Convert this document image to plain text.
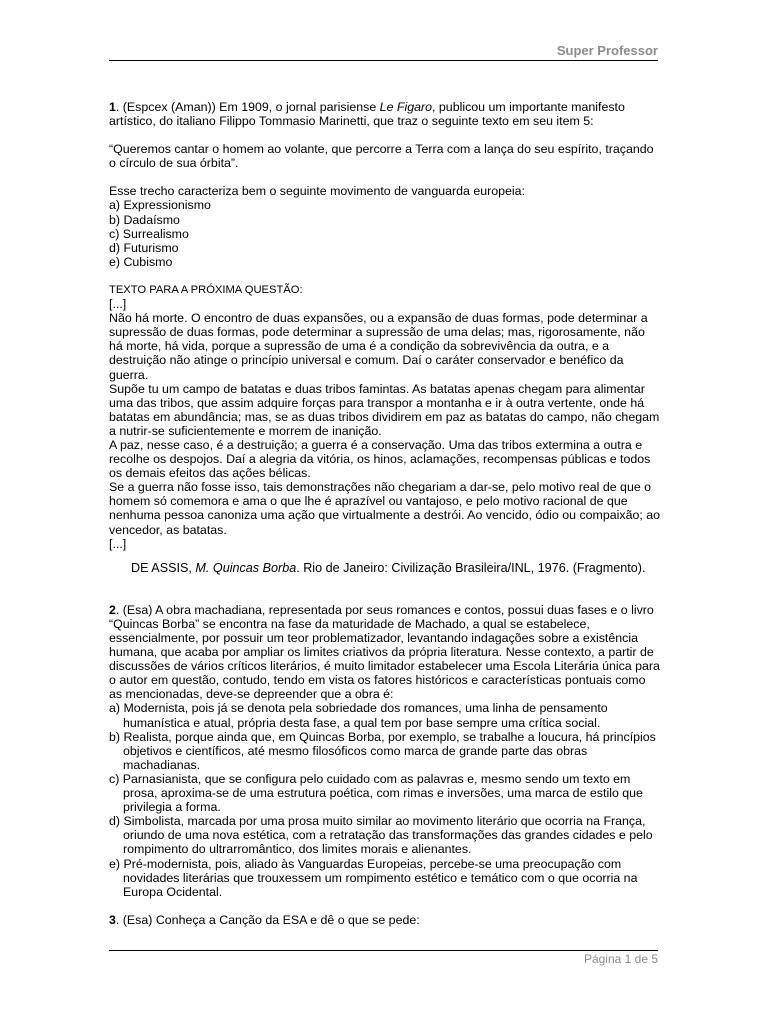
Super Professor

1. (Espcex (Aman)) Em 1909, o jornal parisiense Le Figaro, publicou um importante manifesto artístico, do italiano Filippo Tommasio Marinetti, que traz o seguinte texto em seu item 5:

“Queremos cantar o homem ao volante, que percorre a Terra com a lança do seu espírito, traçando o círculo de sua órbita”.

Esse trecho caracteriza bem o seguinte movimento de vanguarda europeia:

a) Expressionismo

b) Dadaísmo

c) Surrealismo

d) Futurismo

e) Cubismo

TEXTO PARA A PRÓXIMA QUESTÃO:

[...]

Não há morte. O encontro de duas expansões, ou a expansão de duas formas, pode determinar a supressão de duas formas, pode determinar a supressão de uma delas; mas, rigorosamente, não há morte, há vida, porque a supressão de uma é a condição da sobrevivência da outra, e a destruição não atinge o princípio universal e comum. Daí o caráter conservador e benéfico da guerra.

Supõe tu um campo de batatas e duas tribos famintas. As batatas apenas chegam para alimentar uma das tribos, que assim adquire forças para transpor a montanha e ir à outra vertente, onde há batatas em abundância; mas, se as duas tribos dividirem em paz as batatas do campo, não chegam a nutrir-se suficientemente e morrem de inanição.

A paz, nesse caso, é a destruição; a guerra é a conservação. Uma das tribos extermina a outra e recolhe os despojos. Daí a alegria da vitória, os hinos, aclamações, recompensas públicas e todos os demais efeitos das ações bélicas.

Se a guerra não fosse isso, tais demonstrações não chegariam a dar-se, pelo motivo real de que o homem só comemora e ama o que lhe é aprazível ou vantajoso, e pelo motivo racional de que nenhuma pessoa canoniza uma ação que virtualmente a destrói. Ao vencido, ódio ou compaixão; ao vencedor, as batatas.

[...]

DE ASSIS, M. Quincas Borba. Rio de Janeiro: Civilização Brasileira/INL, 1976. (Fragmento).

2. (Esa) A obra machadiana, representada por seus romances e contos, possui duas fases e o livro “Quincas Borba” se encontra na fase da maturidade de Machado, a qual se estabelece, essencialmente, por possuir um teor problematizador, levantando indagações sobre a existência humana, que acaba por ampliar os limites criativos da própria literatura. Nesse contexto, a partir de discussões de vários críticos literários, é muito limitador estabelecer uma Escola Literária única para o autor em questão, contudo, tendo em vista os fatores históricos e características pontuais como as mencionadas, deve-se depreender que a obra é:

a) Modernista, pois já se denota pela sobriedade dos romances, uma linha de pensamento humanística e atual, própria desta fase, a qual tem por base sempre uma crítica social.

b) Realista, porque ainda que, em Quincas Borba, por exemplo, se trabalhe a loucura, há princípios objetivos e científicos, até mesmo filosóficos como marca de grande parte das obras machadianas.

c) Parnasianista, que se configura pelo cuidado com as palavras e, mesmo sendo um texto em prosa, aproxima-se de uma estrutura poética, com rimas e inversões, uma marca de estilo que privilegia a forma.

d) Simbolista, marcada por uma prosa muito similar ao movimento literário que ocorria na França, oriundo de uma nova estética, com a retratação das transformações das grandes cidades e pelo rompimento do ultrarromântico, dos limites morais e alienantes.

e) Pré-modernista, pois, aliado às Vanguardas Europeias, percebe-se uma preocupação com novidades literárias que trouxessem um rompimento estético e temático com o que ocorria na Europa Ocidental.

3. (Esa) Conheça a Canção da ESA e dê o que se pede:

Página 1 de 5
